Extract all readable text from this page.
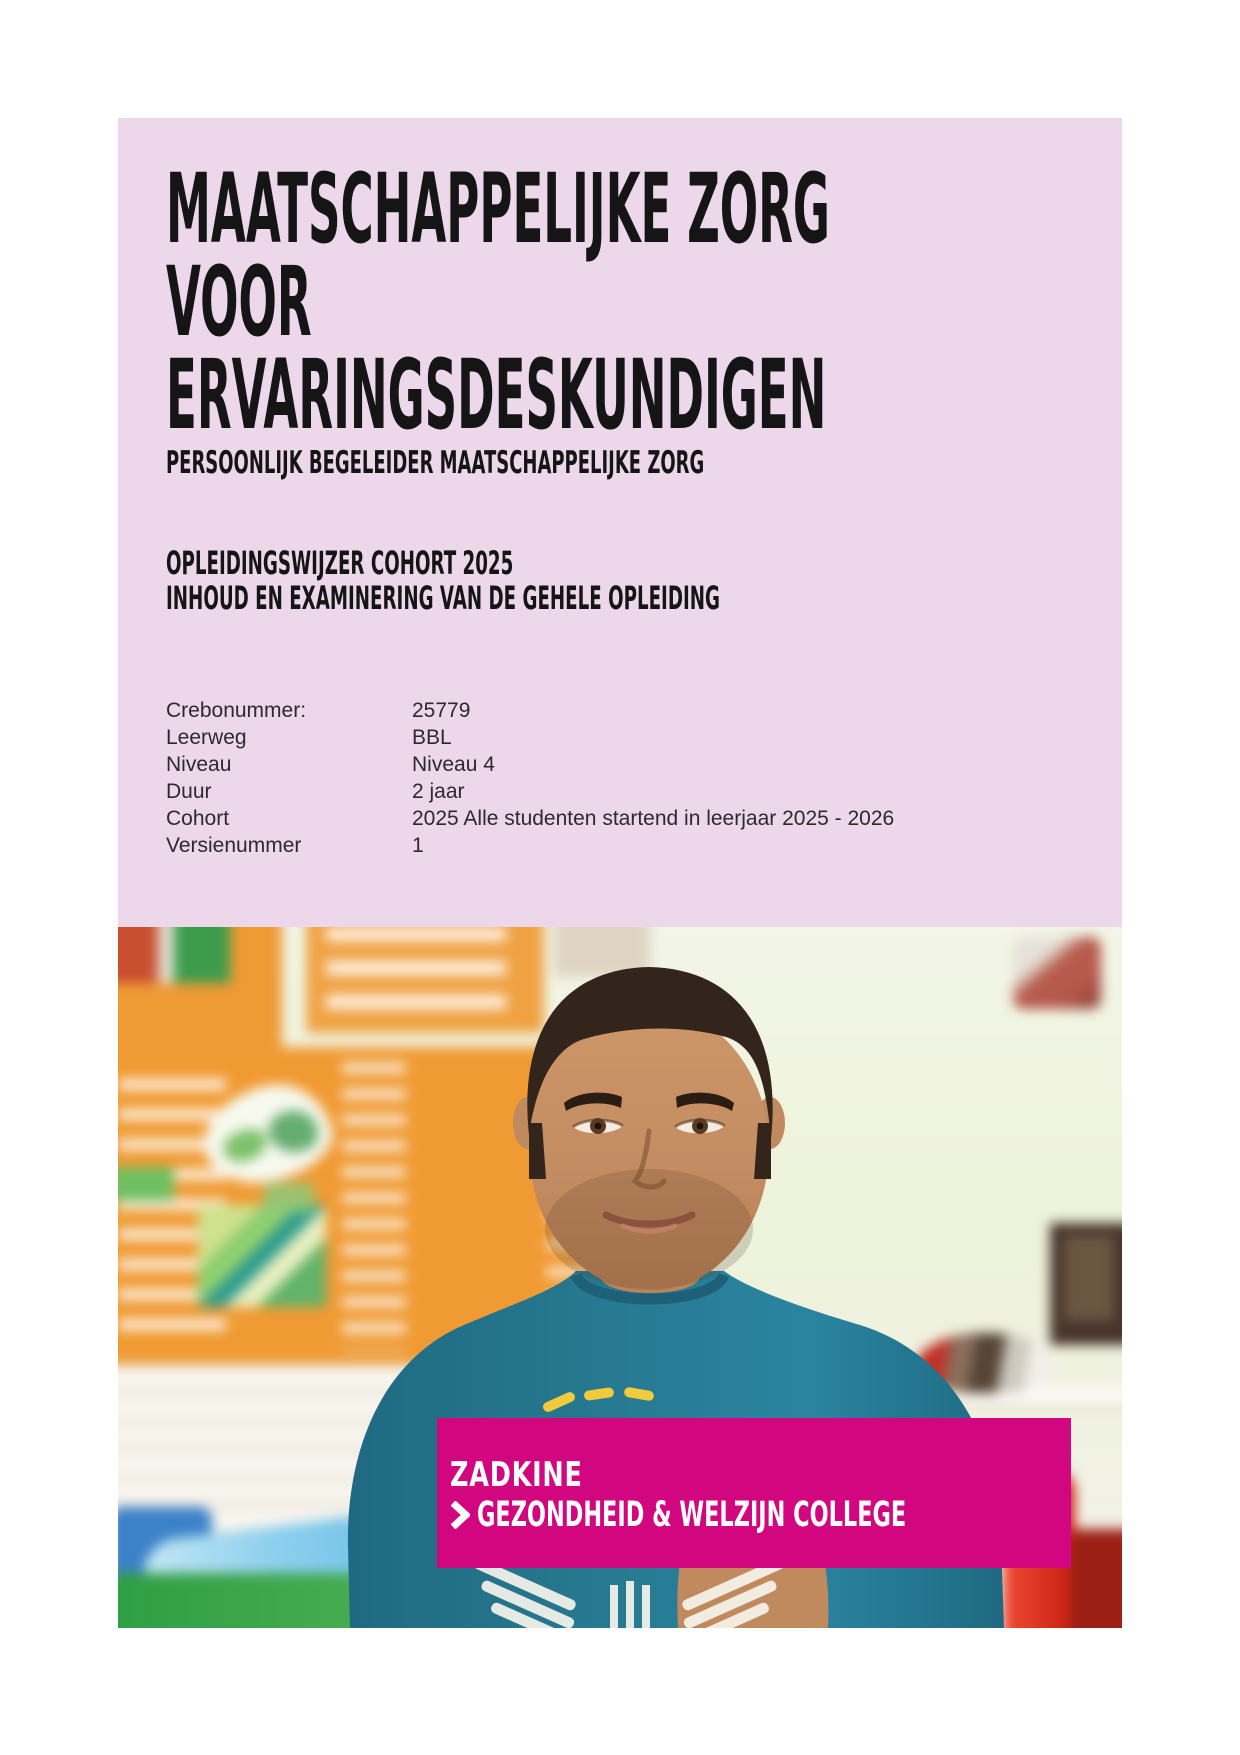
MAATSCHAPPELIJKE ZORG
VOOR
ERVARINGSDESKUNDIGEN
PERSOONLIJK BEGELEIDER MAATSCHAPPELIJKE ZORG
OPLEIDINGSWIJZER COHORT 2025
INHOUD EN EXAMINERING VAN DE GEHELE OPLEIDING
Crebonummer:	25779
Leerweg	BBL
Niveau	Niveau 4
Duur	2 jaar
Cohort	2025 Alle studenten startend in leerjaar 2025 - 2026
Versienummer	1
ZADKINE
GEZONDHEID & WELZIJN COLLEGE
